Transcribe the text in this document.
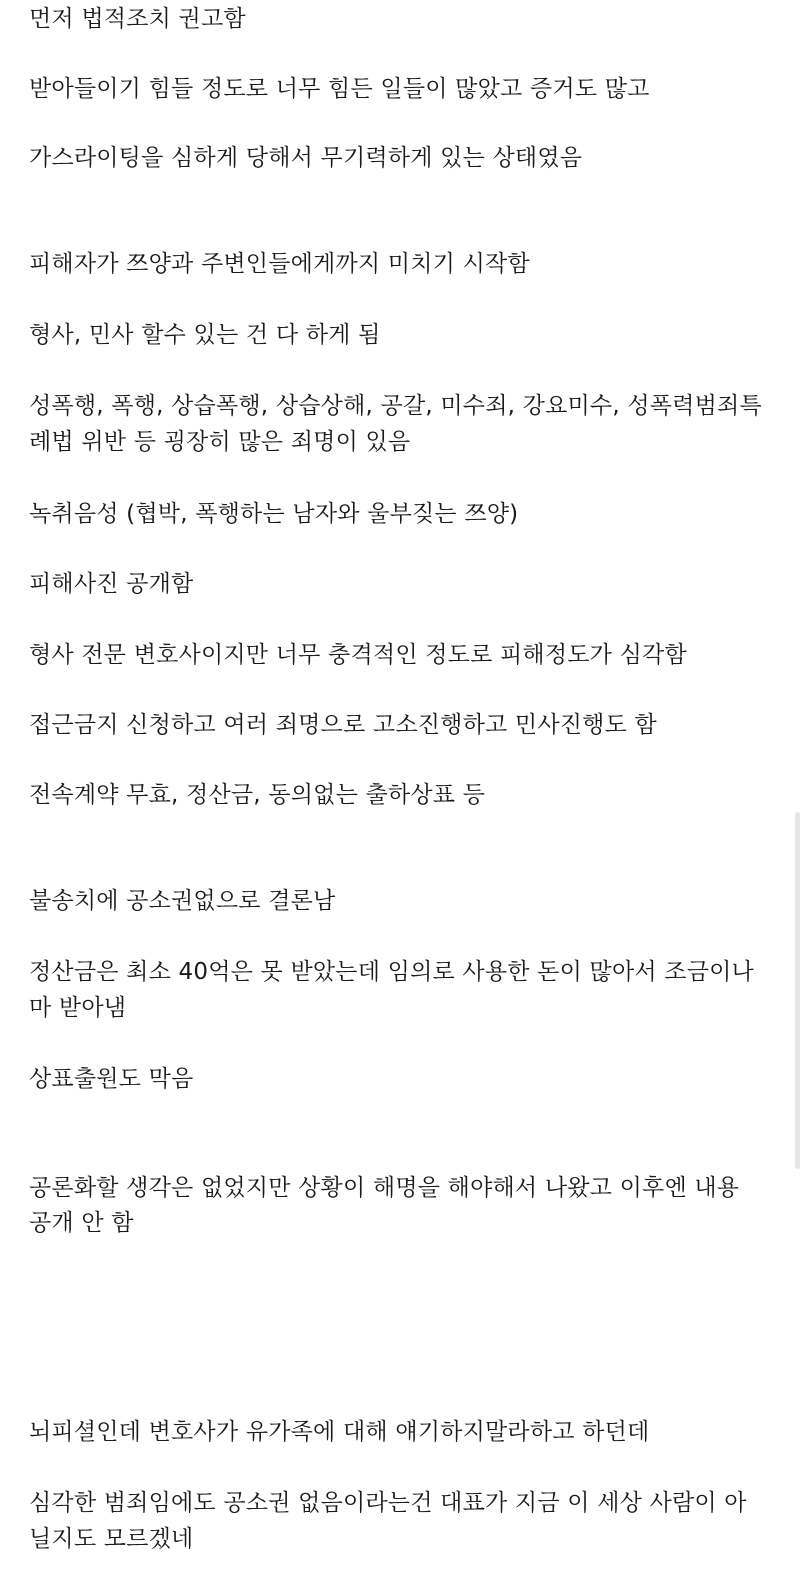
먼저 법적조치 권고함
받아들이기 힘들 정도로 너무 힘든 일들이 많았고 증거도 많고
가스라이팅을 심하게 당해서 무기력하게 있는 상태였음
피해자가 쯔양과 주변인들에게까지 미치기 시작함
형사, 민사 할수 있는 건 다 하게 됨
성폭행, 폭행, 상습폭행, 상습상해, 공갈, 미수죄, 강요미수, 성폭력범죄특
례법 위반 등 굉장히 많은 죄명이 있음
녹취음성 (협박, 폭행하는 남자와 울부짖는 쯔양)
피해사진 공개함
형사 전문 변호사이지만 너무 충격적인 정도로 피해정도가 심각함
접근금지 신청하고 여러 죄명으로 고소진행하고 민사진행도 함
전속계약 무효, 정산금, 동의없는 출하상표 등
불송치에 공소권없으로 결론남
정산금은 최소 40억은 못 받았는데 임의로 사용한 돈이 많아서 조금이나
마 받아냄
상표출원도 막음
공론화할 생각은 없었지만 상황이 해명을 해야해서 나왔고 이후엔 내용
공개 안 함
뇌피셜인데 변호사가 유가족에 대해 얘기하지말라하고 하던데
심각한 범죄임에도 공소권 없음이라는건 대표가 지금 이 세상 사람이 아
닐지도 모르겠네
